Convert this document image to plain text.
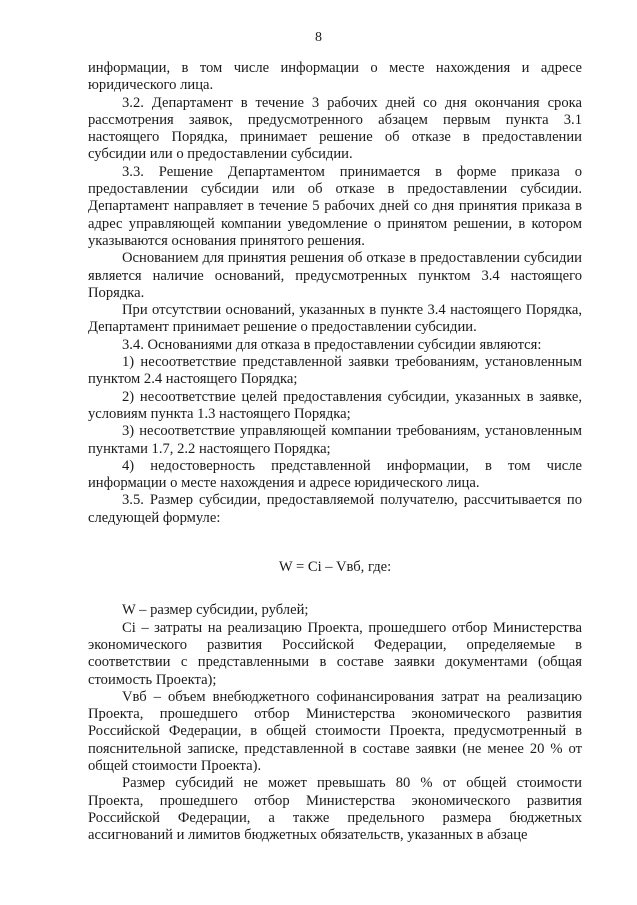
8

информации, в том числе информации о месте нахождения и адресе юридического лица.

3.2. Департамент в течение 3 рабочих дней со дня окончания срока рассмотрения заявок, предусмотренного абзацем первым пункта 3.1 настоящего Порядка, принимает решение об отказе в предоставлении субсидии или о предоставлении субсидии.

3.3. Решение Департаментом принимается в форме приказа о предоставлении субсидии или об отказе в предоставлении субсидии. Департамент направляет в течение 5 рабочих дней со дня принятия приказа в адрес управляющей компании уведомление о принятом решении, в котором указываются основания принятого решения.

Основанием для принятия решения об отказе в предоставлении субсидии является наличие оснований, предусмотренных пунктом 3.4 настоящего Порядка.

При отсутствии оснований, указанных в пункте 3.4 настоящего Порядка, Департамент принимает решение о предоставлении субсидии.

3.4. Основаниями для отказа в предоставлении субсидии являются:

1) несоответствие представленной заявки требованиям, установленным пунктом 2.4 настоящего Порядка;

2) несоответствие целей предоставления субсидии, указанных в заявке, условиям пункта 1.3 настоящего Порядка;

3) несоответствие управляющей компании требованиям, установленным пунктами 1.7, 2.2 настоящего Порядка;

4) недостоверность представленной информации, в том числе информации о месте нахождения и адресе юридического лица.

3.5. Размер субсидии, предоставляемой получателю, рассчитывается по следующей формуле:

W = Ci – Vвб, где:

W – размер субсидии, рублей;

Ci – затраты на реализацию Проекта, прошедшего отбор Министерства экономического развития Российской Федерации, определяемые в соответствии с представленными в составе заявки документами (общая стоимость Проекта);

Vвб – объем внебюджетного софинансирования затрат на реализацию Проекта, прошедшего отбор Министерства экономического развития Российской Федерации, в общей стоимости Проекта, предусмотренный в пояснительной записке, представленной в составе заявки (не менее 20 % от общей стоимости Проекта).

Размер субсидий не может превышать 80 % от общей стоимости Проекта, прошедшего отбор Министерства экономического развития Российской Федерации, а также предельного размера бюджетных ассигнований и лимитов бюджетных обязательств, указанных в абзаце
